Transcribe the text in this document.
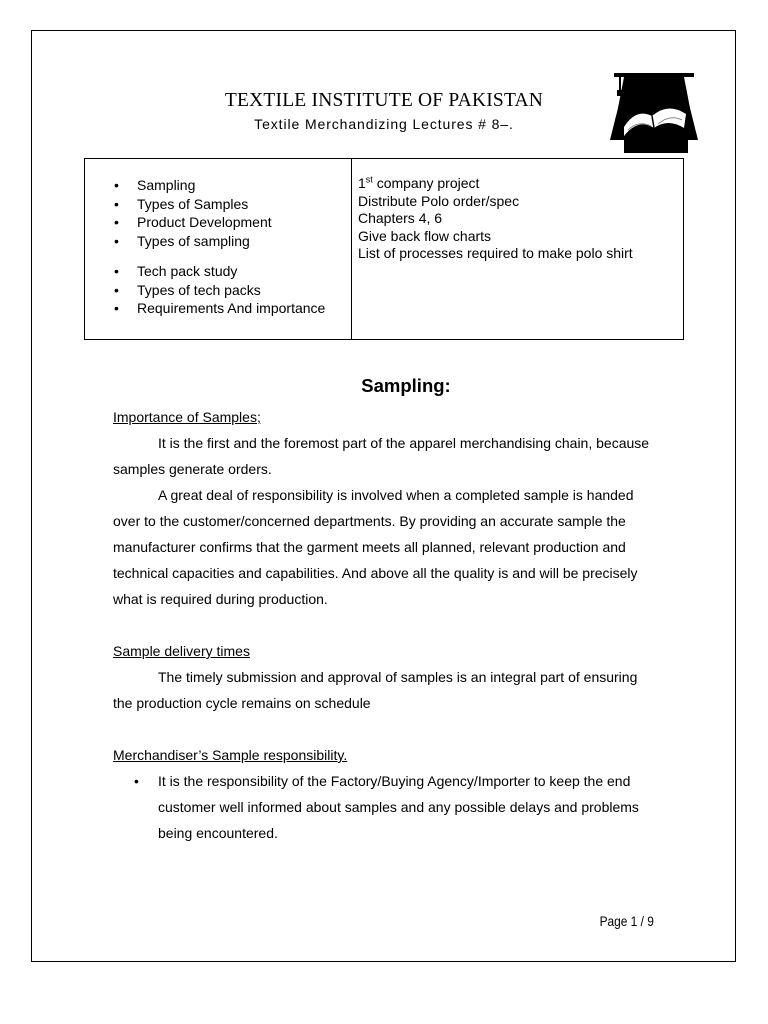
TEXTILE INSTITUTE OF PAKISTAN
Textile Merchandizing Lectures # 8–.
• Sampling
• Types of Samples
• Product Development
• Types of sampling
• Tech pack study
• Types of tech packs
• Requirements And importance
1st company project
Distribute Polo order/spec
Chapters 4, 6
Give back flow charts
List of processes required to make polo shirt
Sampling:
Importance of Samples;
It is the first and the foremost part of the apparel merchandising chain, because samples generate orders.
A great deal of responsibility is involved when a completed sample is handed over to the customer/concerned departments. By providing an accurate sample the manufacturer confirms that the garment meets all planned, relevant production and technical capacities and capabilities. And above all the quality is and will be precisely what is required during production.
Sample delivery times
The timely submission and approval of samples is an integral part of ensuring the production cycle remains on schedule
Merchandiser’s Sample responsibility.
• It is the responsibility of the Factory/Buying Agency/Importer to keep the end customer well informed about samples and any possible delays and problems being encountered.
Page 1 / 9
